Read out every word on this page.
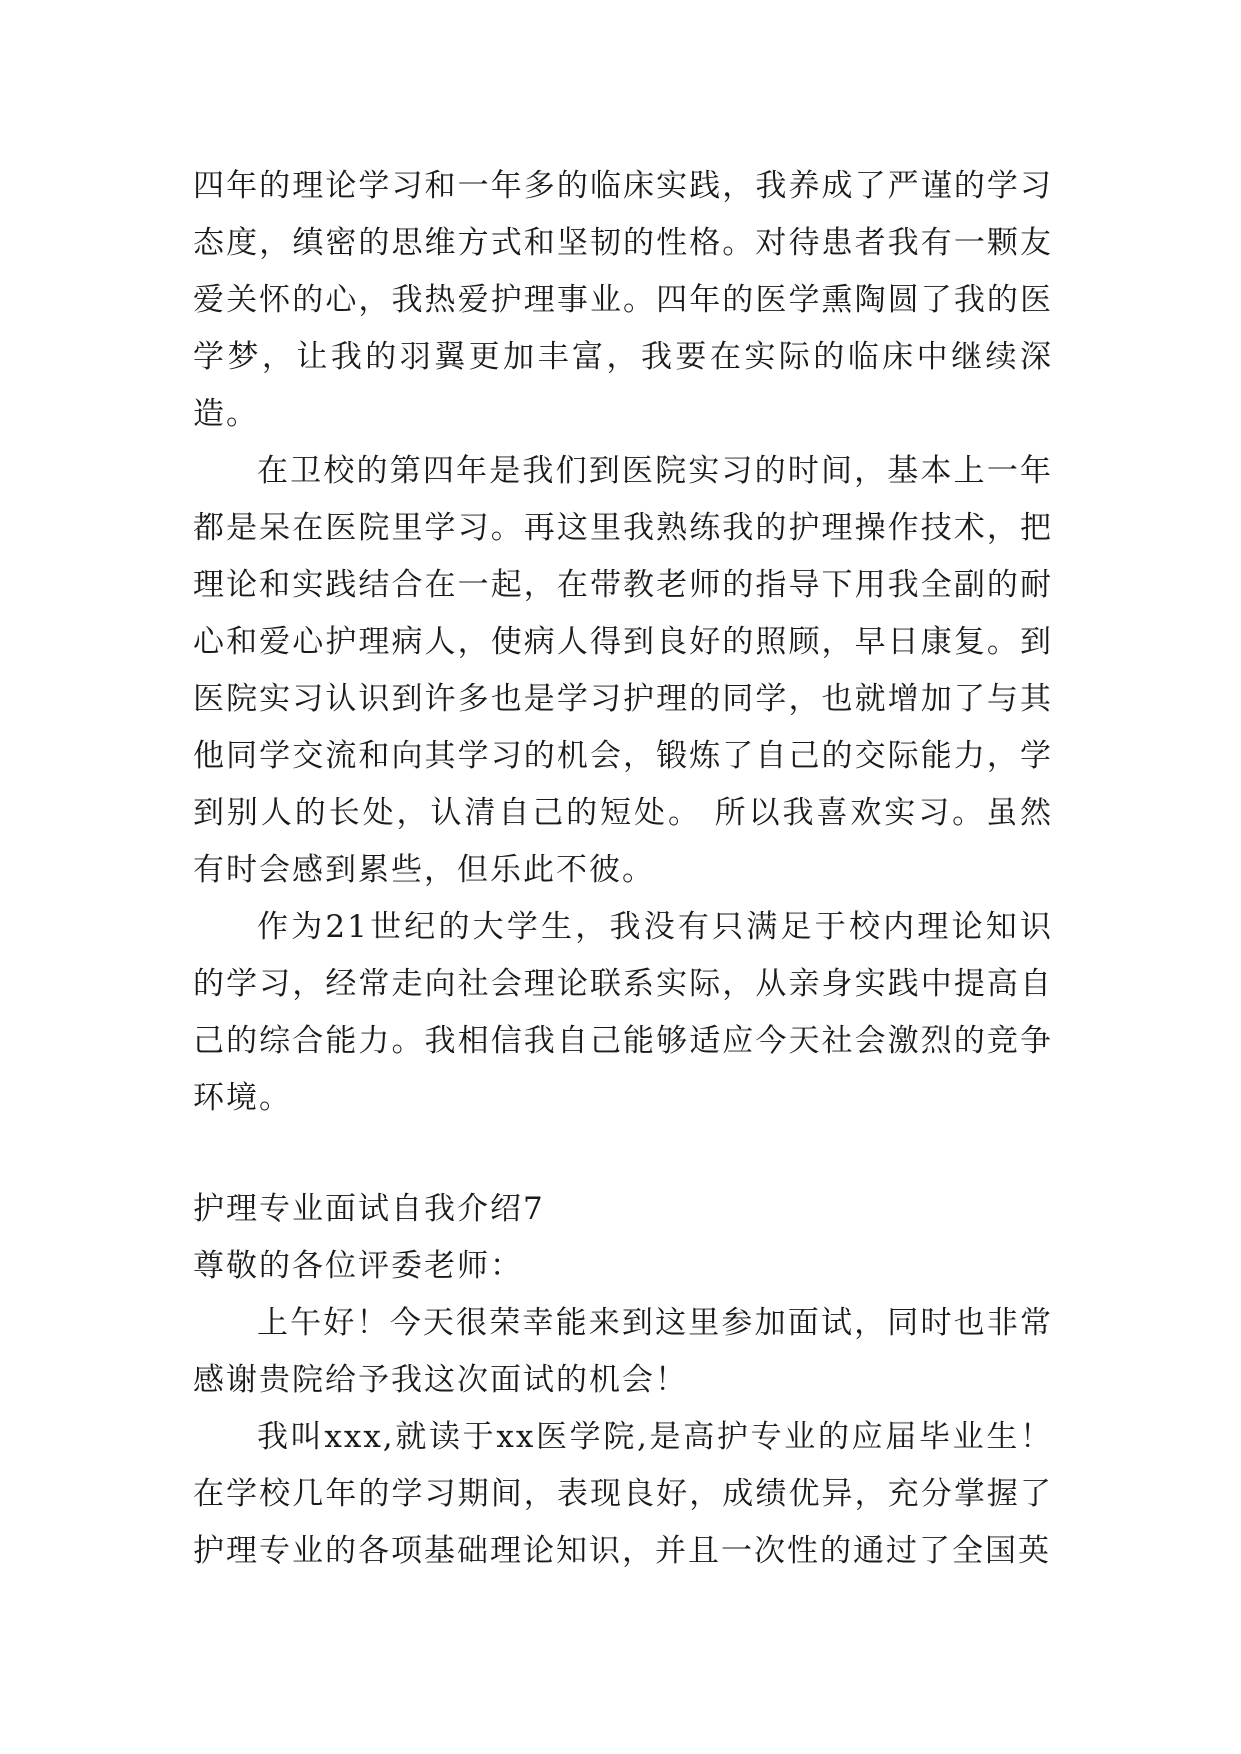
四年的理论学习和一年多的临床实践，我养成了严谨的学习态度，缜密的思维方式和坚韧的性格。对待患者我有一颗友爱关怀的心，我热爱护理事业。四年的医学熏陶圆了我的医学梦，让我的羽翼更加丰富，我要在实际的临床中继续深造。

在卫校的第四年是我们到医院实习的时间，基本上一年都是呆在医院里学习。再这里我熟练我的护理操作技术，把理论和实践结合在一起，在带教老师的指导下用我全副的耐心和爱心护理病人，使病人得到良好的照顾，早日康复。到医院实习认识到许多也是学习护理的同学，也就增加了与其他同学交流和向其学习的机会，锻炼了自己的交际能力，学到别人的长处，认清自己的短处。 所以我喜欢实习。虽然有时会感到累些，但乐此不彼。

作为21世纪的大学生，我没有只满足于校内理论知识的学习，经常走向社会理论联系实际，从亲身实践中提高自己的综合能力。我相信我自己能够适应今天社会激烈的竞争环境。

护理专业面试自我介绍7

尊敬的各位评委老师：

上午好！今天很荣幸能来到这里参加面试，同时也非常感谢贵院给予我这次面试的机会！

我叫xxx,就读于xx医学院,是高护专业的应届毕业生！在学校几年的学习期间，表现良好，成绩优异，充分掌握了护理专业的各项基础理论知识，并且一次性的通过了全国英
